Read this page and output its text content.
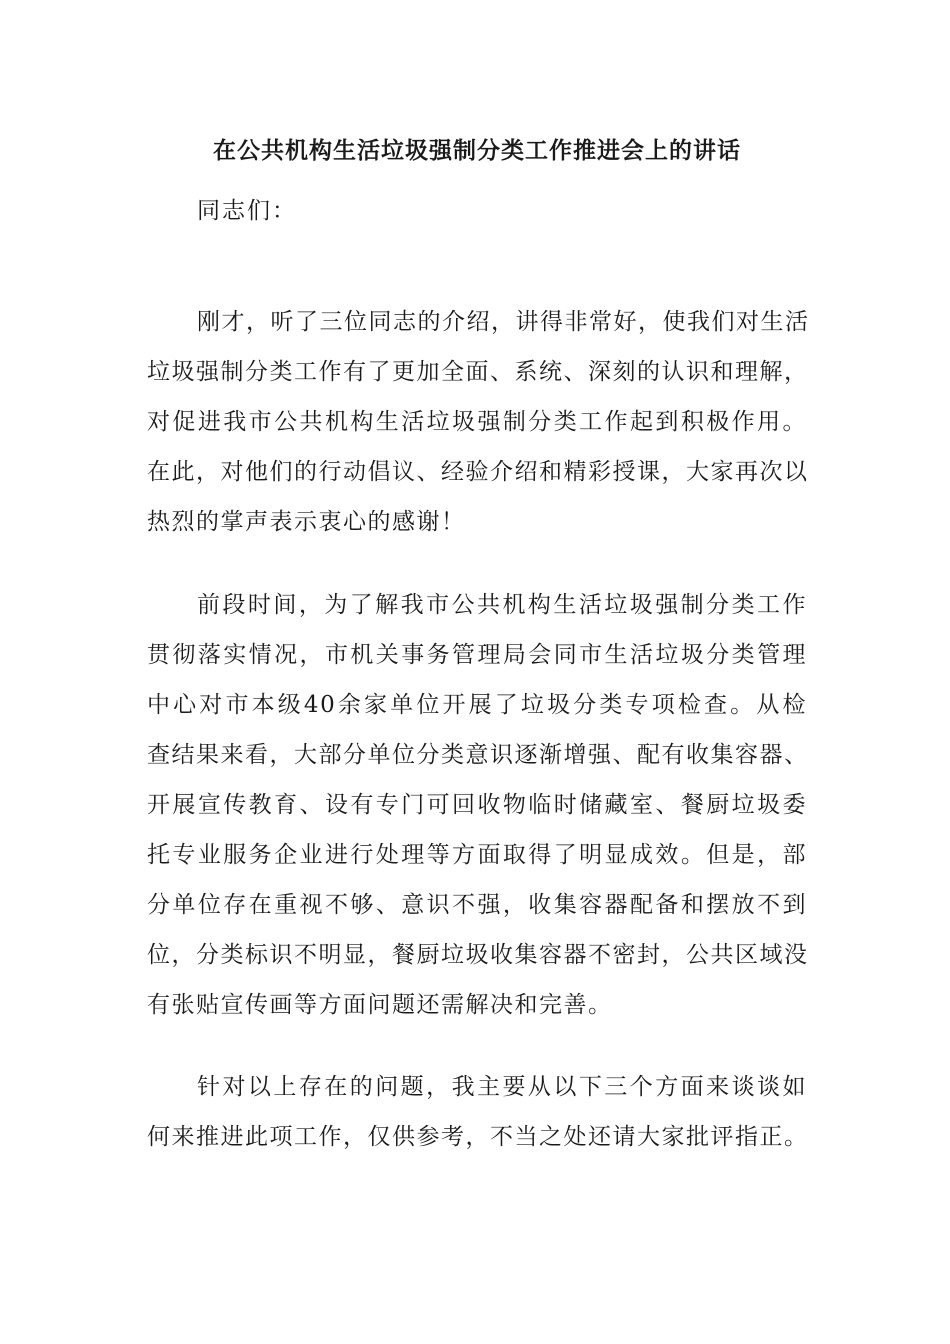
在公共机构生活垃圾强制分类工作推进会上的讲话
同志们：
刚才，听了三位同志的介绍，讲得非常好，使我们对生活
垃圾强制分类工作有了更加全面、系统、深刻的认识和理解，
对促进我市公共机构生活垃圾强制分类工作起到积极作用。
在此，对他们的行动倡议、经验介绍和精彩授课，大家再次以
热烈的掌声表示衷心的感谢！
前段时间，为了解我市公共机构生活垃圾强制分类工作
贯彻落实情况，市机关事务管理局会同市生活垃圾分类管理
中心对市本级40余家单位开展了垃圾分类专项检查。从检
查结果来看，大部分单位分类意识逐渐增强、配有收集容器、
开展宣传教育、设有专门可回收物临时储藏室、餐厨垃圾委
托专业服务企业进行处理等方面取得了明显成效。但是，部
分单位存在重视不够、意识不强，收集容器配备和摆放不到
位，分类标识不明显，餐厨垃圾收集容器不密封，公共区域没
有张贴宣传画等方面问题还需解决和完善。
针对以上存在的问题，我主要从以下三个方面来谈谈如
何来推进此项工作，仅供参考，不当之处还请大家批评指正。
